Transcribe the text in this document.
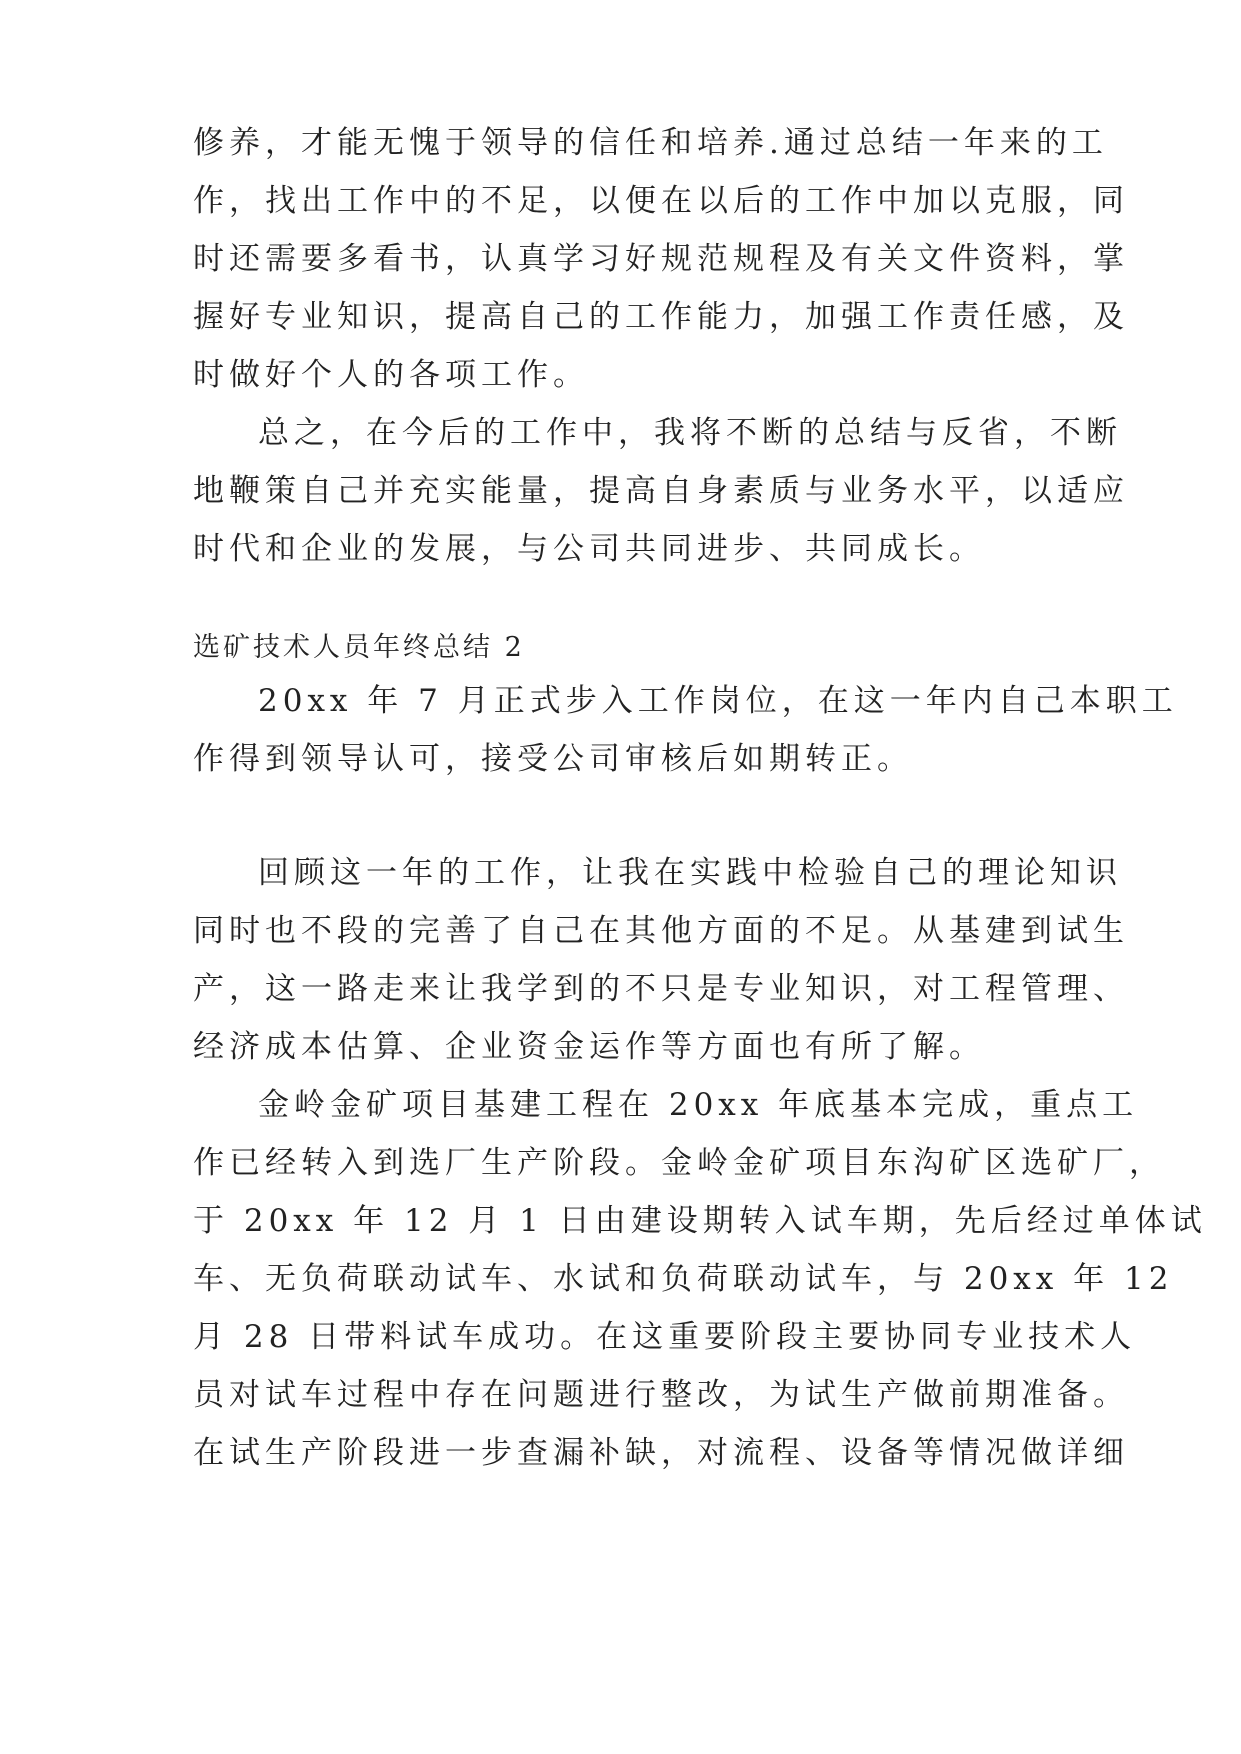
修养，才能无愧于领导的信任和培养.通过总结一年来的工
作，找出工作中的不足，以便在以后的工作中加以克服，同
时还需要多看书，认真学习好规范规程及有关文件资料，掌
握好专业知识，提高自己的工作能力，加强工作责任感，及
时做好个人的各项工作。
总之，在今后的工作中，我将不断的总结与反省，不断
地鞭策自己并充实能量，提高自身素质与业务水平，以适应
时代和企业的发展，与公司共同进步、共同成长。
选矿技术人员年终总结 2
20xx 年 7 月正式步入工作岗位，在这一年内自己本职工
作得到领导认可，接受公司审核后如期转正。
回顾这一年的工作，让我在实践中检验自己的理论知识
同时也不段的完善了自己在其他方面的不足。从基建到试生
产，这一路走来让我学到的不只是专业知识，对工程管理、
经济成本估算、企业资金运作等方面也有所了解。
金岭金矿项目基建工程在 20xx 年底基本完成，重点工
作已经转入到选厂生产阶段。金岭金矿项目东沟矿区选矿厂，
于 20xx 年 12 月 1 日由建设期转入试车期，先后经过单体试
车、无负荷联动试车、水试和负荷联动试车，与 20xx 年 12
月 28 日带料试车成功。在这重要阶段主要协同专业技术人
员对试车过程中存在问题进行整改，为试生产做前期准备。
在试生产阶段进一步查漏补缺，对流程、设备等情况做详细
